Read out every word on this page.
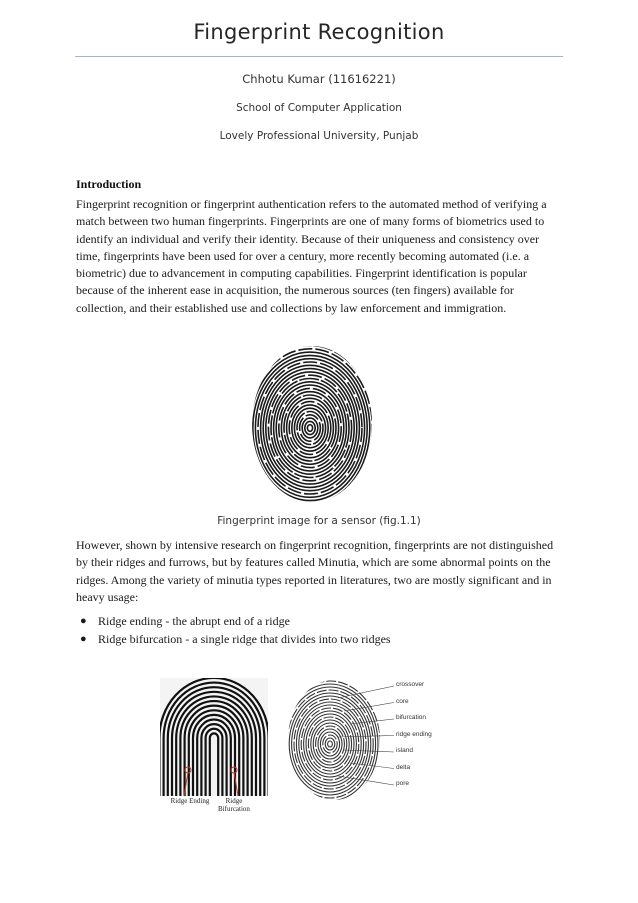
Fingerprint Recognition
Chhotu Kumar (11616221)
School of Computer Application
Lovely Professional University, Punjab
Introduction

Fingerprint recognition or fingerprint authentication refers to the automated method of verifying a match between two human fingerprints. Fingerprints are one of many forms of biometrics used to identify an individual and verify their identity. Because of their uniqueness and consistency over time, fingerprints have been used for over a century, more recently becoming automated (i.e. a biometric) due to advancement in computing capabilities. Fingerprint identification is popular because of the inherent ease in acquisition, the numerous sources (ten fingers) available for collection, and their established use and collections by law enforcement and immigration.

Fingerprint image for a sensor (fig.1.1)

However, shown by intensive research on fingerprint recognition, fingerprints are not distinguished by their ridges and furrows, but by features called Minutia, which are some abnormal points on the ridges. Among the variety of minutia types reported in literatures, two are mostly significant and in heavy usage:

● Ridge ending - the abrupt end of a ridge
● Ridge bifurcation - a single ridge that divides into two ridges
Ridge Ending	Ridge Bifurcation
crossover
core
bifurcation
ridge ending
island
delta
pore
